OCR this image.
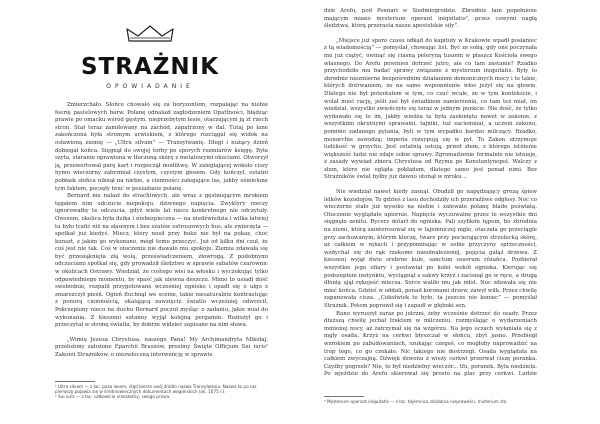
STRAŻNIK
OPOWIADANIE

Zmierzchało. Słońce chowało się za horyzontem, rozpalając na niebie feerię pastelowych barw. Polanę odnalazł zagłodzeniem Opattności, błądząc prawie po omacku wśród gęstym, nieprzebytym lesie, otaczającym ją zt rzech stron. Stał teraz zamiłowany na zachód, zapatrzony w dal. Tutaj po łane zakończona była stromym urwiskiem, z którego rozciągał się widok na osławioną ziemię — „Ultra silvam” — Transylwanię. Długi i nużący dzień dobiegał końca. Sięgnął do swojej torby po sporych rozmiarów księgę. Była szyta, staranie oprawiona w tłoczoną skórę z metalowymi okuciami. Otworzył ją, przewertował parę kart i rozpoczął modlitwę. W zaległającej wokoło ciszy hymn wieczorny zabrzmiał czystym, czystym głosem. Gdy kończył, ostatni pobłask słońca niknął na niebie, a ciemności zalegające las, jakby ośmielone tym faktem, poczęły brać w posiadanie polanę.

Bernard nie nalazł do strachliwych, ale wraz z gęstniejącym mrokiem tęgałem nim odczucie niepokoju, dziwnego napięcia. Zwyklyry rzeczy ignorowałby te odczucia, gdyż wiele lat nieco konkretnego nie odczytały. Owszem, okolica była dzika i niebezpieczna — na niedźwiedzia i wilka łatwiej tu było trafić niż na sławnym i bez szatów ostroszowych hus, ale zwierzęta — spotkał już kiedyś. Miecz, który nosił przy boku nie był na pokaz, choć kunszt, z jakim go wykonano, mógł temu przeczyć. Już od kilku dni czuł, że coś jest nie tak. Coś w otoczeniu nie dawało mu spokoju. Ziemia zdawała się być przesiąknięta złą wolą, przeświadczeniem, złowrogą. Z podobnymi odczuciami spotkał się, gdy prowadził śledztwo w sprawie sabatów czarownic w okolicach Ostrawy. Wiedział, że cośtego wisi na włosku i wyczekując tylko odpowiedniego momentu, by spaść jak ulewna deszczu. Mimo to usiadł dość swobodnie, rozpalił przygotowane wcześniej ognisko i opadł się o ułgo z zmarszczył pieśń. Ogień fluchnął we scenie, takie niesaturalnie kontrastując z ponurą ciemnością, okalającą zawzięcie światlo wcześniej odwrócił. Pokrzepiony nieco na duchu Bernard poczuł myśląc o zadaniu, jakie miał do wykonania. Z kieszeni sutanny wyjął kolejną pergamin. Rozłożył go i przeczytał w stronę światła, by dobrze widzieć zapisane na nim słowa.

„Wimię Jezusa Chrystusa, naszego Pana! My Archimandryta Mikołaj, przełożony założone Eparchii Braszów, prosimy Święte Officjum Sui iuris² Zakonu Strażników, o niezwłoczną interwencję w sprawie

¹ Ultra silvam — z łac. poza lasem, stąd bierze swój źródło nazwa Transylwania. Nazwa to po raz pierwszy pojawia się w średniowiecznych dokumentach węgierskich (ok. 1075 r.).
² Sui iuris — z łac. całkowicie niezależny, swego prawa.

dzie Arefu, pod Poenari w Siedmiogrodzie. Zbrodnie tam popełnione mającym miano mysterium operant iniquitatis³, przez cowymi nagłą śledztwa, którą przerasta nasze apostolskie siły”.

„Miejsce już sporo czasu odkąd do kapituły w Krakowie wpadł posłaniec z tą wiadomością” — pomyślał, chowając list. Być ze sobą, gdy one poczynała mu już ciążyć, owinąć się ciasną peleryną tuszem w płaszcz Kościoła swego własnego. Do Arefu powinien dotrzeć jutro, ale co tam zastanie? Rzadko przychodziło mu badać sprawy związane z mysterium iniquitatis. Były to zbrodnie niezmierne bezpośrednim działaniem demonicznych mocy i to takie, których dotrwaniem, że na samo wspomnienie włos jeżył się na głowie. Dlatego nie był potentatem w tym, co czuć wcale, że w tym kontekście, i wolał mieć rację, jeśli zaś był świadkiem zamierzenia, co tam też miał, im wiedział, wszystko zwieńczyło się teraz w jednym punkcie. Nie dość, że tylko wydawało się to im, jakby wiedza ta była zasłonięta nawet w zakonie, z wszystkimi okrutnymi sprawami, tajniki, tuż zaciemniał, a uczeni zakonu, pomimo zadanego pytania, byli w tym wypadku bardzo milczący. Rzadko, monarchie zawodzą; imperia rozsypują się w pył. To Zakon utrzymuje ludzkość w grzychu. Jest ostatnią ostoją, przed złem, z którego istnienie większość ludzi nie zdaje sobie sprawy. Zgromadzenie formalnie nie istnieje, z zasady wywiad zbiera Chrystusa od Rzymu po Konstantynopol. Walczy z złem, które nie ogląda pokładem, dlatego samo jest ponad nimi. Bez Strażników świat byłby już dawno utonął w mroku...

Nie wiedział nawet kiedy zasnął. Obudził go napędzający grozą śpiew lelków kozodojów. To gdzieś z lasu dochodziły ich przeraźliwe odgłosy. Noc co wieczorne stało już wysoko na niebie i zalewało polanę blado poświatą. Otoczenie wyglądało upiornie. Napięcie wyczuwalne przez te wszystkie dni sięgnęło zenitu. Rycerz dotarł do ogniska. Pali szybkim tępem, bo zbrodnia na ziemi, którą zainteresował się w tajemniczej mgle, otaczała go przeciągle przy zachowanym, którym kleczę, twarz przy pocierającym strzelecką skórę, aż całkiem w rękach i przypominając w sobie przyczyny sprzeczności, wzdychał się do rąk rzekomo nieodnalezionej, pojęcia gałąź drzewa. Z kieszeni wyjął dwie srebrne kule, sanctum ossorum różańca. Pozbierał wszystkie jego ofiary i postawiał po kolei wokół ogniska. Kierując się podszeptem instynktu, wyciągnął z sakwy krzyż i zacisnął go w ręce, a drugą dłonią ujął rękojeść miecza. Serce waliło mu jak młot. Noc zdawała się nie mieć końca. Gdzieś w oddali, ponad koronami drzew, zawył wilk. Przez chwilę zapanowała cisza. „Cokolwiek to było, ta jeszcze nie koniec” — pomyślał Strażnik. Potem poprawił się i zapadł w głęboki sen.

Rano wyruszył zaraz po jutrzni, żeby wcześnie dotrzeć do osady. Przez dłuższą chwilę jechał traktem w milczeniu, rozmyślając o wydarzeniach minionej nocy, aż zatrzymał się na wzgórzu. Na jego oczach wyłaniała się z mgły osada. Krzyż na cerkwi błyszczał w słońcu, zbyt jasno. Przebiegł wzrokiem po zabudowaniach, szukając czegoś, co mogłoby naprowadzić na trop tego, co go czekało. Nic takiego nie dostrzegł. Osada wyglądała na całkiem zwyczajną. Dźwięk dzwonu z wieży cerkwi przerwał ciszę poranka. Czyżby pogrzeb? Nie, to był niedzielny wieczór... tfu, poranek. Była niedziela. Po wjeździe do Arefu skierował się prosto na plac przy cerkwi. Ludzie

³ Mysterium operant iniquitatis — z łac. tajemnica działania nieprawości, misterium zła.
